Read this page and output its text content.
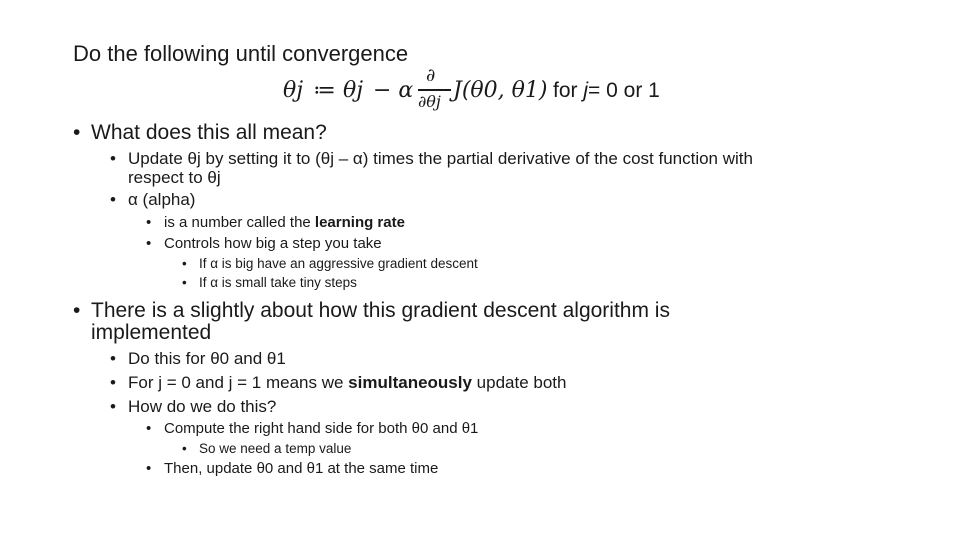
Do the following until convergence
θj ≔ θj − α
∂
∂θj J(θ0, θ1) for j= 0 or 1
• What does this all mean?
• Update θj by setting it to (θj – α) times the partial derivative of the cost function with
respect to θj
• α (alpha)
• is a number called the learning rate
• Controls how big a step you take
• If α is big have an aggressive gradient descent
• If α is small take tiny steps
• There is a slightly about how this gradient descent algorithm is
implemented
• Do this for θ0 and θ1
• For j = 0 and j = 1 means we simultaneously update both
• How do we do this?
• Compute the right hand side for both θ0 and θ1
• So we need a temp value
• Then, update θ0 and θ1 at the same time
